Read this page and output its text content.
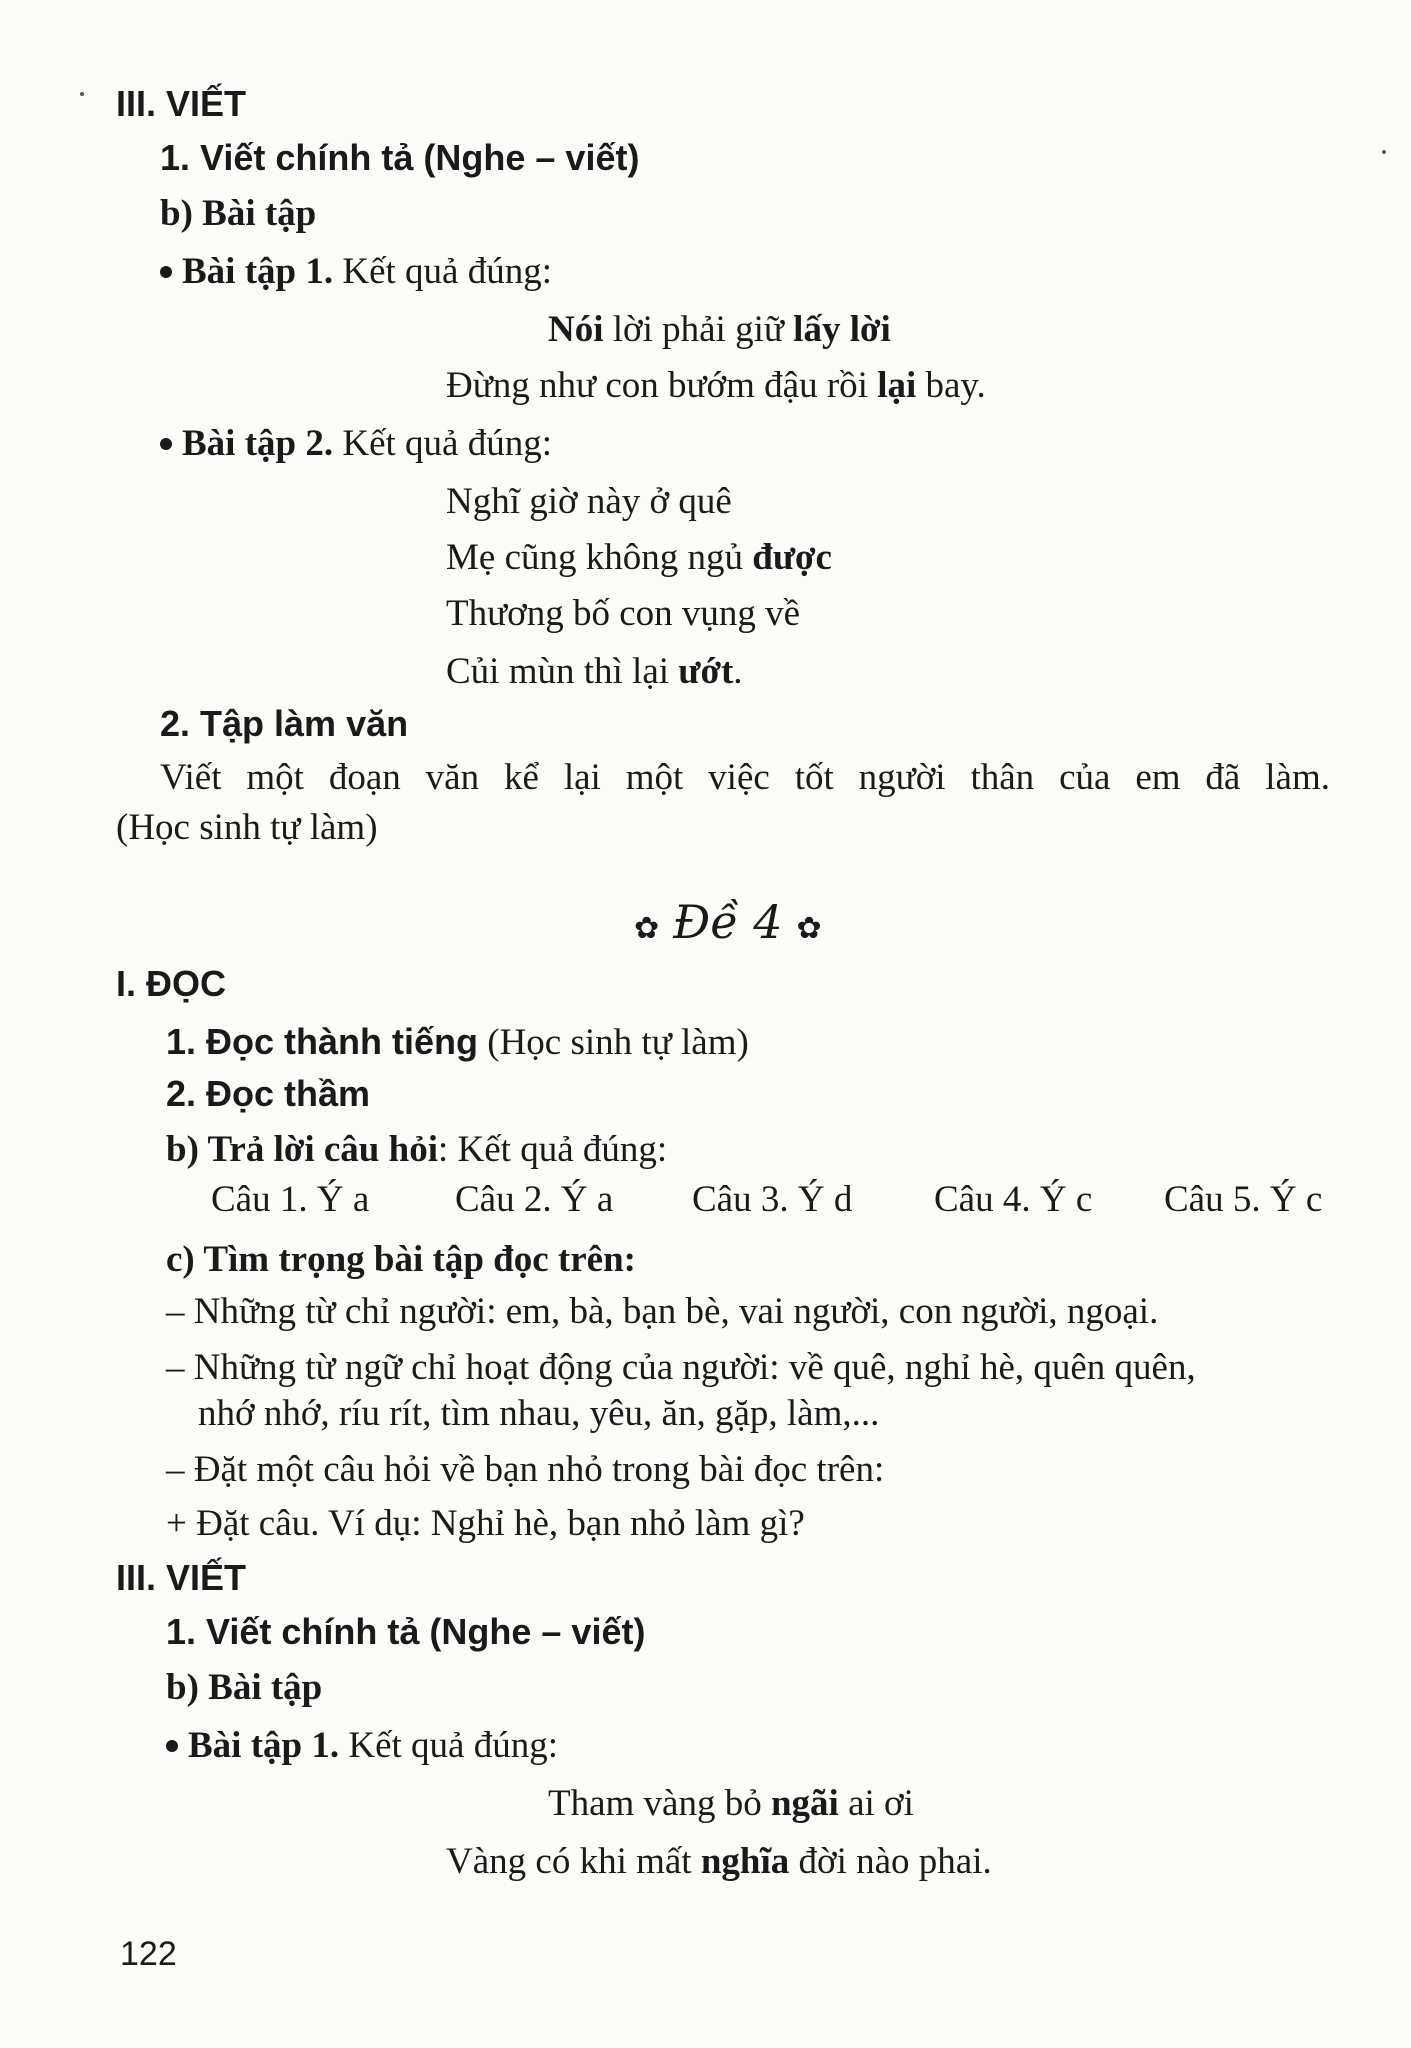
III. VIẾT
1. Viết chính tả (Nghe – viết)
b) Bài tập
Bài tập 1. Kết quả đúng:
Nói lời phải giữ lấy lời
Đừng như con bướm đậu rồi lại bay.
Bài tập 2. Kết quả đúng:
Nghĩ giờ này ở quê
Mẹ cũng không ngủ được
Thương bố con vụng về
Củi mùn thì lại ướt.
2. Tập làm văn
Viết một đoạn văn kể lại một việc tốt người thân của em đã làm.
(Học sinh tự làm)
✿ Đề 4 ✿
I. ĐỌC
1. Đọc thành tiếng (Học sinh tự làm)
2. Đọc thầm
b) Trả lời câu hỏi: Kết quả đúng:
Câu 1. Ý a Câu 2. Ý a Câu 3. Ý d Câu 4. Ý c Câu 5. Ý c
c) Tìm trọng bài tập đọc trên:
– Những từ chỉ người: em, bà, bạn bè, vai người, con người, ngoại.
– Những từ ngữ chỉ hoạt động của người: về quê, nghỉ hè, quên quên,
nhớ nhớ, ríu rít, tìm nhau, yêu, ăn, gặp, làm,...
– Đặt một câu hỏi về bạn nhỏ trong bài đọc trên:
+ Đặt câu. Ví dụ: Nghỉ hè, bạn nhỏ làm gì?
III. VIẾT
1. Viết chính tả (Nghe – viết)
b) Bài tập
Bài tập 1. Kết quả đúng:
Tham vàng bỏ ngãi ai ơi
Vàng có khi mất nghĩa đời nào phai.
122
